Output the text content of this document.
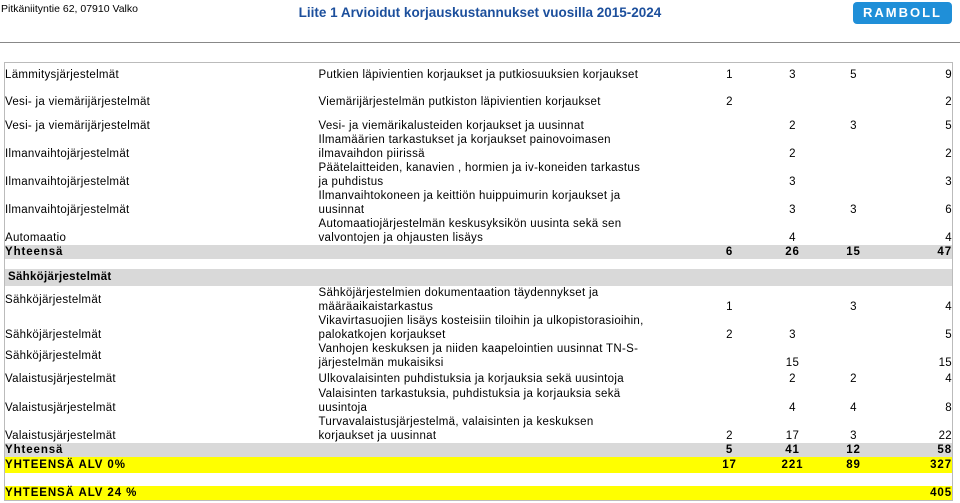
Pitkäniityntie 62, 07910 Valko	Liite 1 Arvioidut korjauskustannukset vuosilla 2015-2024	RAMBOLL
Lämmitysjärjestelmät	Putkien läpivientien korjaukset ja putkiosuuksien korjaukset	1	3	5	9
Vesi- ja viemärijärjestelmät	Viemärijärjestelmän putkiston läpivientien korjaukset	2			2
Vesi- ja viemärijärjestelmät	Vesi- ja viemärikalusteiden korjaukset ja uusinnat		2	3	5
Ilmanvaihtojärjestelmät	Ilmamäärien tarkastukset ja korjaukset painovoimasen
ilmavaihdon piirissä		2		2
Ilmanvaihtojärjestelmät	Päätelaitteiden, kanavien , hormien ja iv-koneiden tarkastus
ja puhdistus		3		3
Ilmanvaihtojärjestelmät	Ilmanvaihtokoneen ja keittiön huippuimurin korjaukset ja
uusinnat		3	3	6
Automaatio	Automaatiojärjestelmän keskusyksikön uusinta sekä sen
valvontojen ja ohjausten lisäys		4		4
Yhteensä		6	26	15	47

Sähköjärjestelmät					
Sähköjärjestelmät	Sähköjärjestelmien dokumentaation täydennykset ja
määräaikaistarkastus	1		3	4
Sähköjärjestelmät	Vikavirtasuojien lisäys kosteisiin tiloihin ja ulkopistorasioihin,
palokatkojen korjaukset	2	3		5
Sähköjärjestelmät	Vanhojen keskuksen ja niiden kaapelointien uusinnat TN-S-
järjestelmän mukaisiksi		15		15
Valaistusjärjestelmät	Ulkovalaisinten puhdistuksia ja korjauksia sekä uusintoja		2	2	4
Valaistusjärjestelmät	Valaisinten tarkastuksia, puhdistuksia ja korjauksia sekä
uusintoja		4	4	8
Valaistusjärjestelmät	Turvavalaistusjärjestelmä, valaisinten ja keskuksen
korjaukset ja uusinnat	2	17	3	22
Yhteensä		5	41	12	58
YHTEENSÄ ALV 0%		17	221	89	327

YHTEENSÄ ALV 24 %					405
